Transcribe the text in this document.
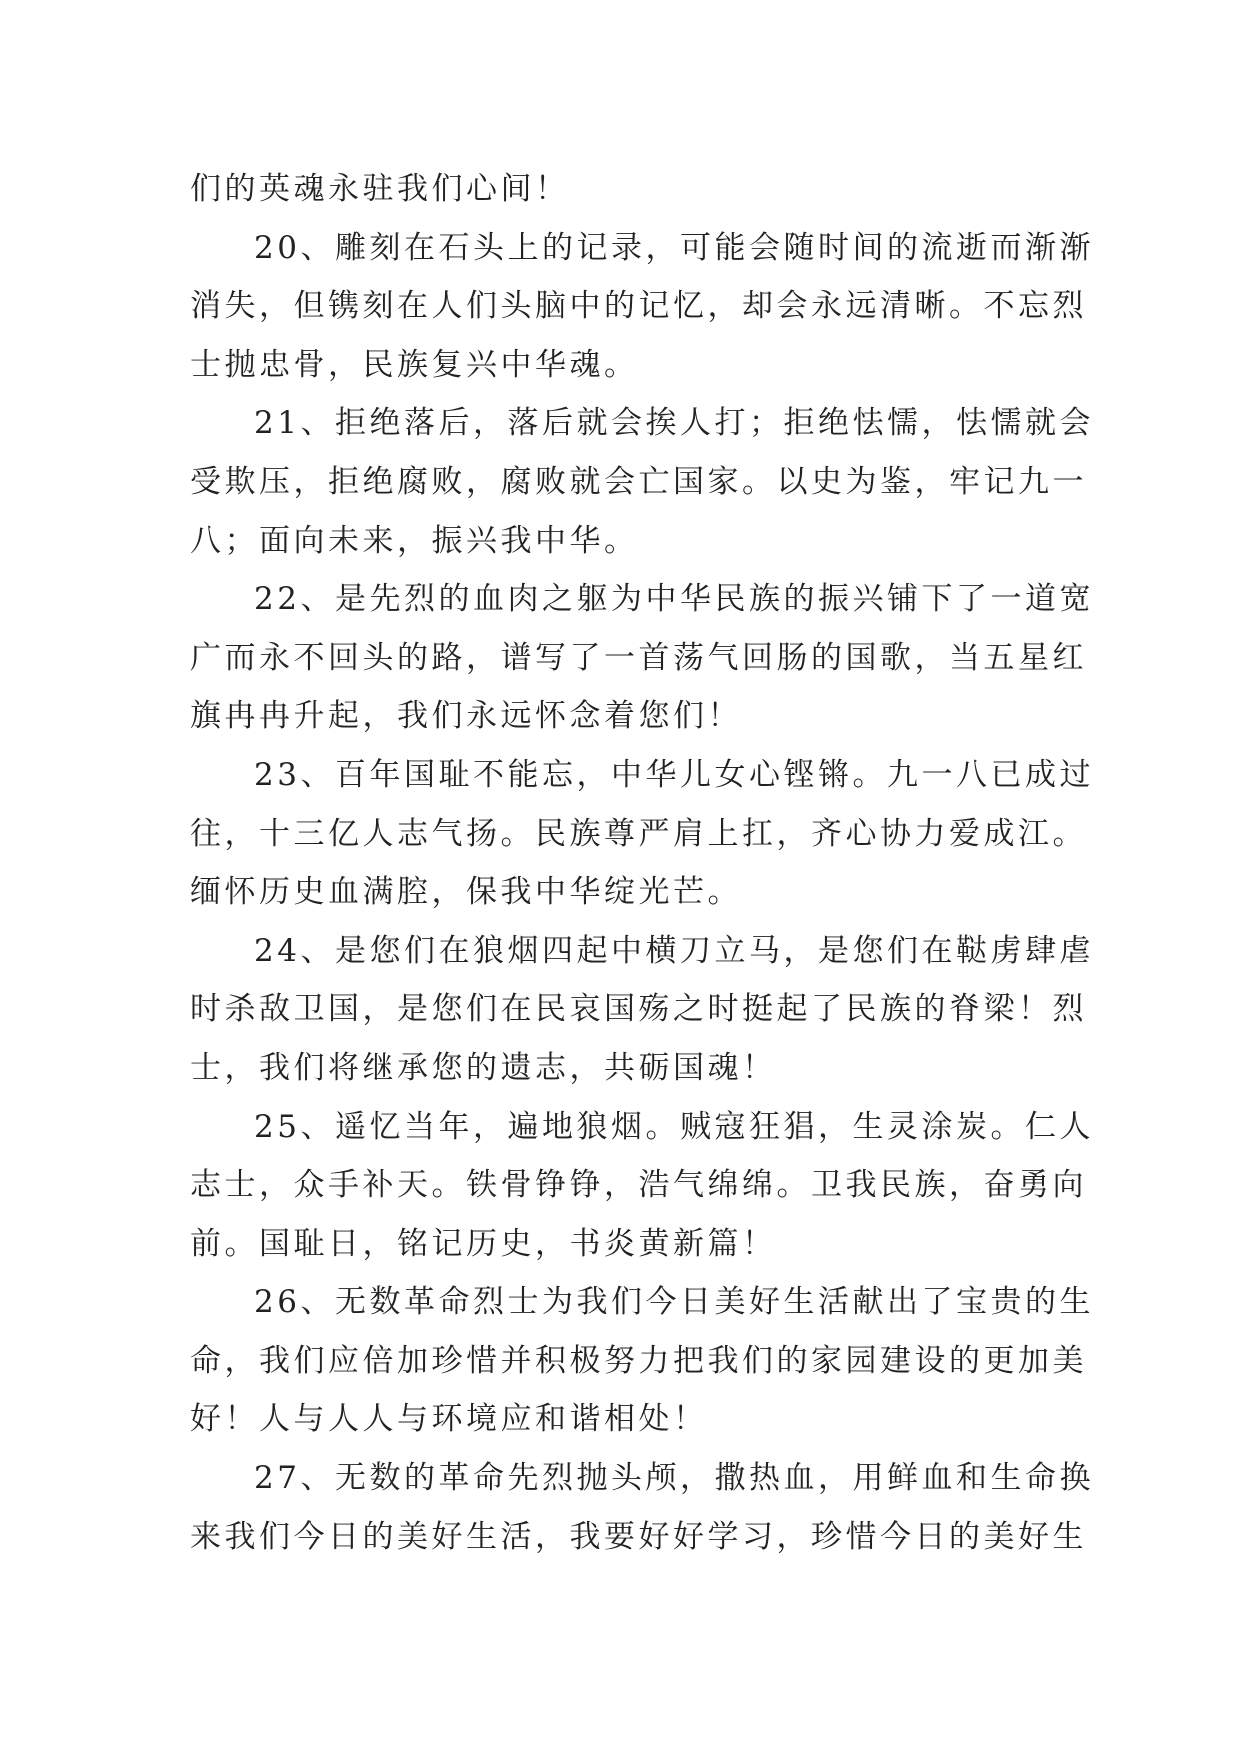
们的英魂永驻我们心间！
20、雕刻在石头上的记录，可能会随时间的流逝而渐渐
消失，但镌刻在人们头脑中的记忆，却会永远清晰。不忘烈
士抛忠骨，民族复兴中华魂。
21、拒绝落后，落后就会挨人打；拒绝怯懦，怯懦就会
受欺压，拒绝腐败，腐败就会亡国家。以史为鉴，牢记九一
八；面向未来，振兴我中华。
22、是先烈的血肉之躯为中华民族的振兴铺下了一道宽
广而永不回头的路，谱写了一首荡气回肠的国歌，当五星红
旗冉冉升起，我们永远怀念着您们！
23、百年国耻不能忘，中华儿女心铿锵。九一八已成过
往，十三亿人志气扬。民族尊严肩上扛，齐心协力爱成江。
缅怀历史血满腔，保我中华绽光芒。
24、是您们在狼烟四起中横刀立马，是您们在鞑虏肆虐
时杀敌卫国，是您们在民哀国殇之时挺起了民族的脊梁！烈
士，我们将继承您的遗志，共砺国魂！
25、遥忆当年，遍地狼烟。贼寇狂猖，生灵涂炭。仁人
志士，众手补天。铁骨铮铮，浩气绵绵。卫我民族，奋勇向
前。国耻日，铭记历史，书炎黄新篇！
26、无数革命烈士为我们今日美好生活献出了宝贵的生
命，我们应倍加珍惜并积极努力把我们的家园建设的更加美
好！人与人人与环境应和谐相处！
27、无数的革命先烈抛头颅，撒热血，用鲜血和生命换
来我们今日的美好生活，我要好好学习，珍惜今日的美好生
